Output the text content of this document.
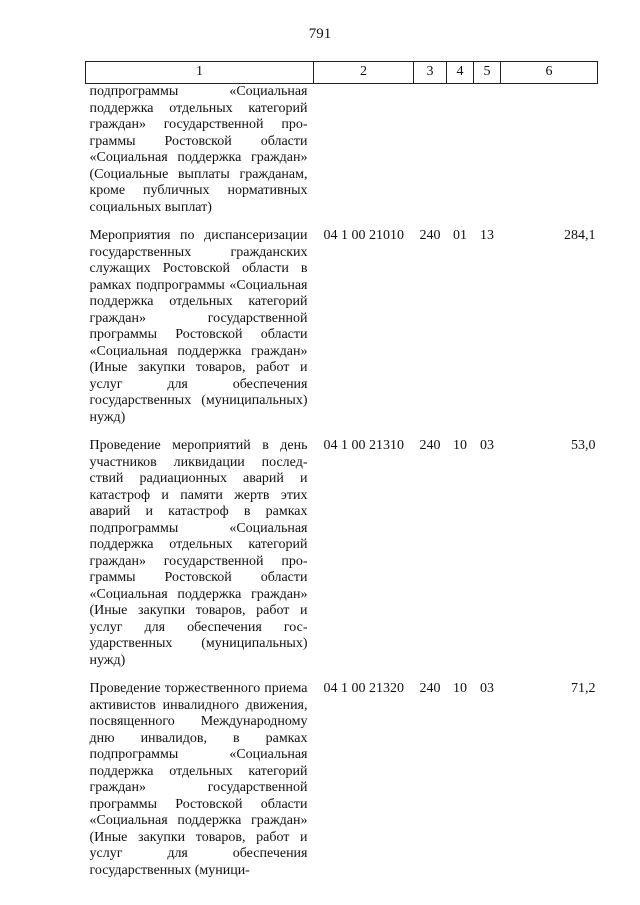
791
1	2	3	4	5	6
подпрограммы «Социальная поддержка отдельных категорий граждан» государственной программы Ростовской области «Социальная поддержка граждан» (Социальные выплаты гражданам, кроме публичных нормативных социальных выплат)					
Мероприятия по диспансеризации государственных гражданских служащих Ростовской области в рамках подпрограммы «Социальная поддержка отдельных категорий граждан» государственной программы Ростовской области «Социальная поддержка граждан» (Иные закупки товаров, работ и услуг для обеспечения государственных (муниципальных) нужд)	04 1 00 21010	240	01	13	284,1
Проведение мероприятий в день участников ликвидации последствий радиационных аварий и катастроф и памяти жертв этих аварий и катастроф в рамках подпрограммы «Социальная поддержка отдельных категорий граждан» государственной программы Ростовской области «Социальная поддержка граждан» (Иные закупки товаров, работ и услуг для обеспечения государственных (муниципальных) нужд)	04 1 00 21310	240	10	03	53,0
Проведение торжественного приема активистов инвалидного движения, посвященного Международному дню инвалидов, в рамках подпрограммы «Социальная поддержка отдельных категорий граждан» государственной программы Ростовской области «Социальная поддержка граждан» (Иные закупки товаров, работ и услуг для обеспечения государственных (муници-	04 1 00 21320	240	10	03	71,2
